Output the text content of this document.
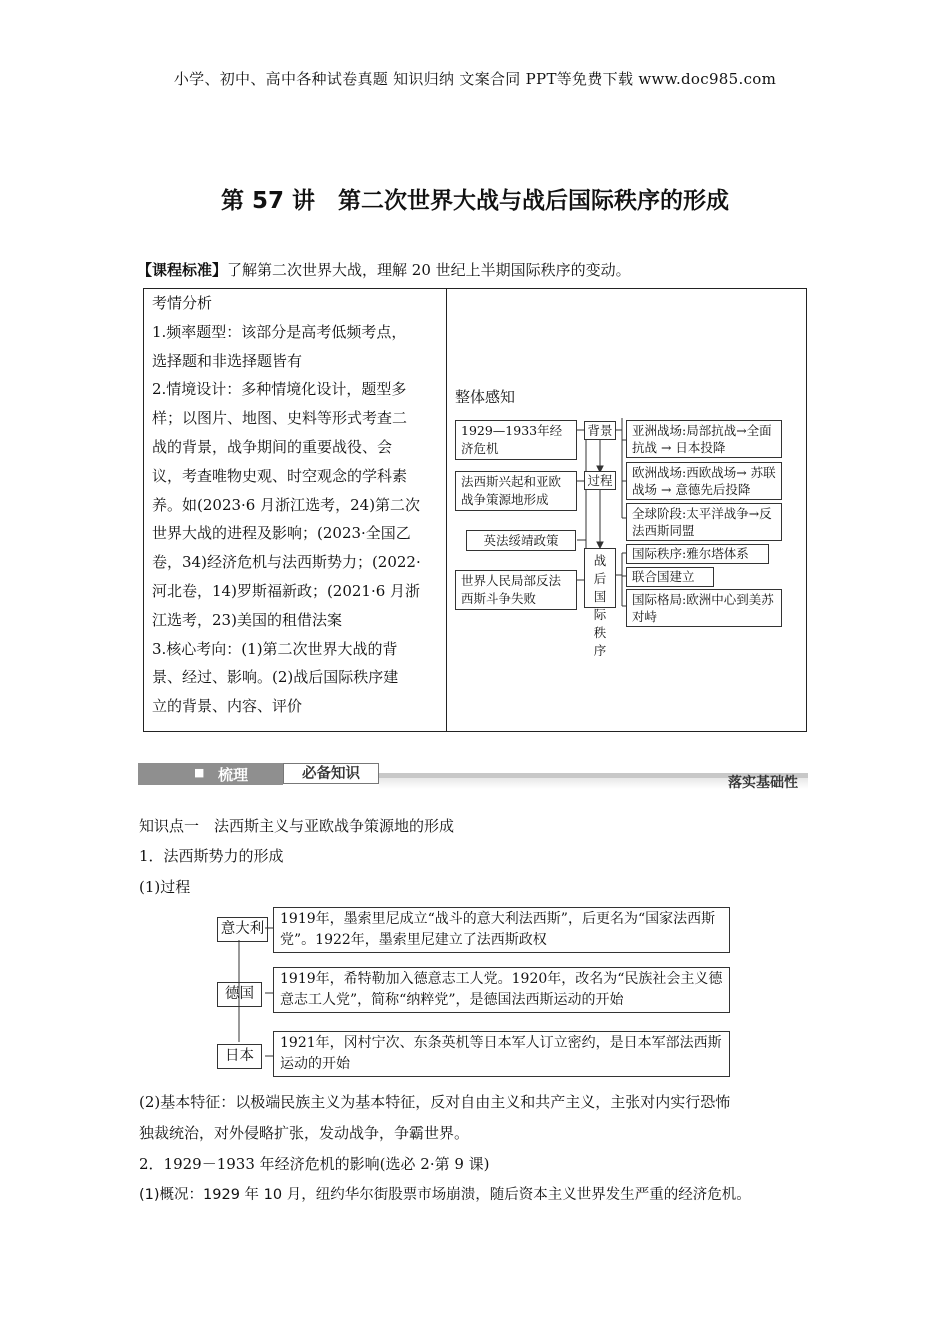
小学、初中、高中各种试卷真题 知识归纳 文案合同 PPT等免费下载 www.doc985.com
第 57 讲　第二次世界大战与战后国际秩序的形成
【课程标准】了解第二次世界大战，理解 20 世纪上半期国际秩序的变动。
考情分析
1.频率题型：该部分是高考低频考点，
选择题和非选择题皆有
2.情境设计：多种情境化设计，题型多
样；以图片、地图、史料等形式考查二
战的背景，战争期间的重要战役、会
议，考查唯物史观、时空观念的学科素
养。如(2023·6 月浙江选考，24)第二次
世界大战的进程及影响；(2023·全国乙
卷，34)经济危机与法西斯势力；(2022·
河北卷，14)罗斯福新政；(2021·6 月浙
江选考，23)美国的租借法案
3.核心考向：(1)第二次世界大战的背
景、经过、影响。(2)战后国际秩序建
立的背景、内容、评价
整体感知
1929—1933年经济危机
法西斯兴起和亚欧战争策源地形成
英法绥靖政策
世界人民局部反法西斯斗争失败
背景
过程
战后国际秩序
亚洲战场:局部抗战→全面抗战 → 日本投降
欧洲战场:西欧战场→ 苏联战场 → 意德先后投降
全球阶段:太平洋战争→反法西斯同盟
国际秩序:雅尔塔体系
联合国建立
国际格局:欧洲中心到美苏对峙
■ 梳理	必备知识
落实基础性
知识点一　法西斯主义与亚欧战争策源地的形成
1．法西斯势力的形成
(1)过程
意大利
德国
日本
1919年，墨索里尼成立“战斗的意大利法西斯”，后更名为“国家法西斯党”。1922年，墨索里尼建立了法西斯政权
1919年，希特勒加入德意志工人党。1920年，改名为“民族社会主义德意志工人党”，简称“纳粹党”，是德国法西斯运动的开始
1921年，冈村宁次、东条英机等日本军人订立密约，是日本军部法西斯运动的开始
(2)基本特征：以极端民族主义为基本特征，反对自由主义和共产主义，主张对内实行恐怖
独裁统治，对外侵略扩张，发动战争，争霸世界。
2．1929－1933 年经济危机的影响(选必 2·第 9 课)
(1)概况：1929 年 10 月，纽约华尔街股票市场崩溃，随后资本主义世界发生严重的经济危机。
